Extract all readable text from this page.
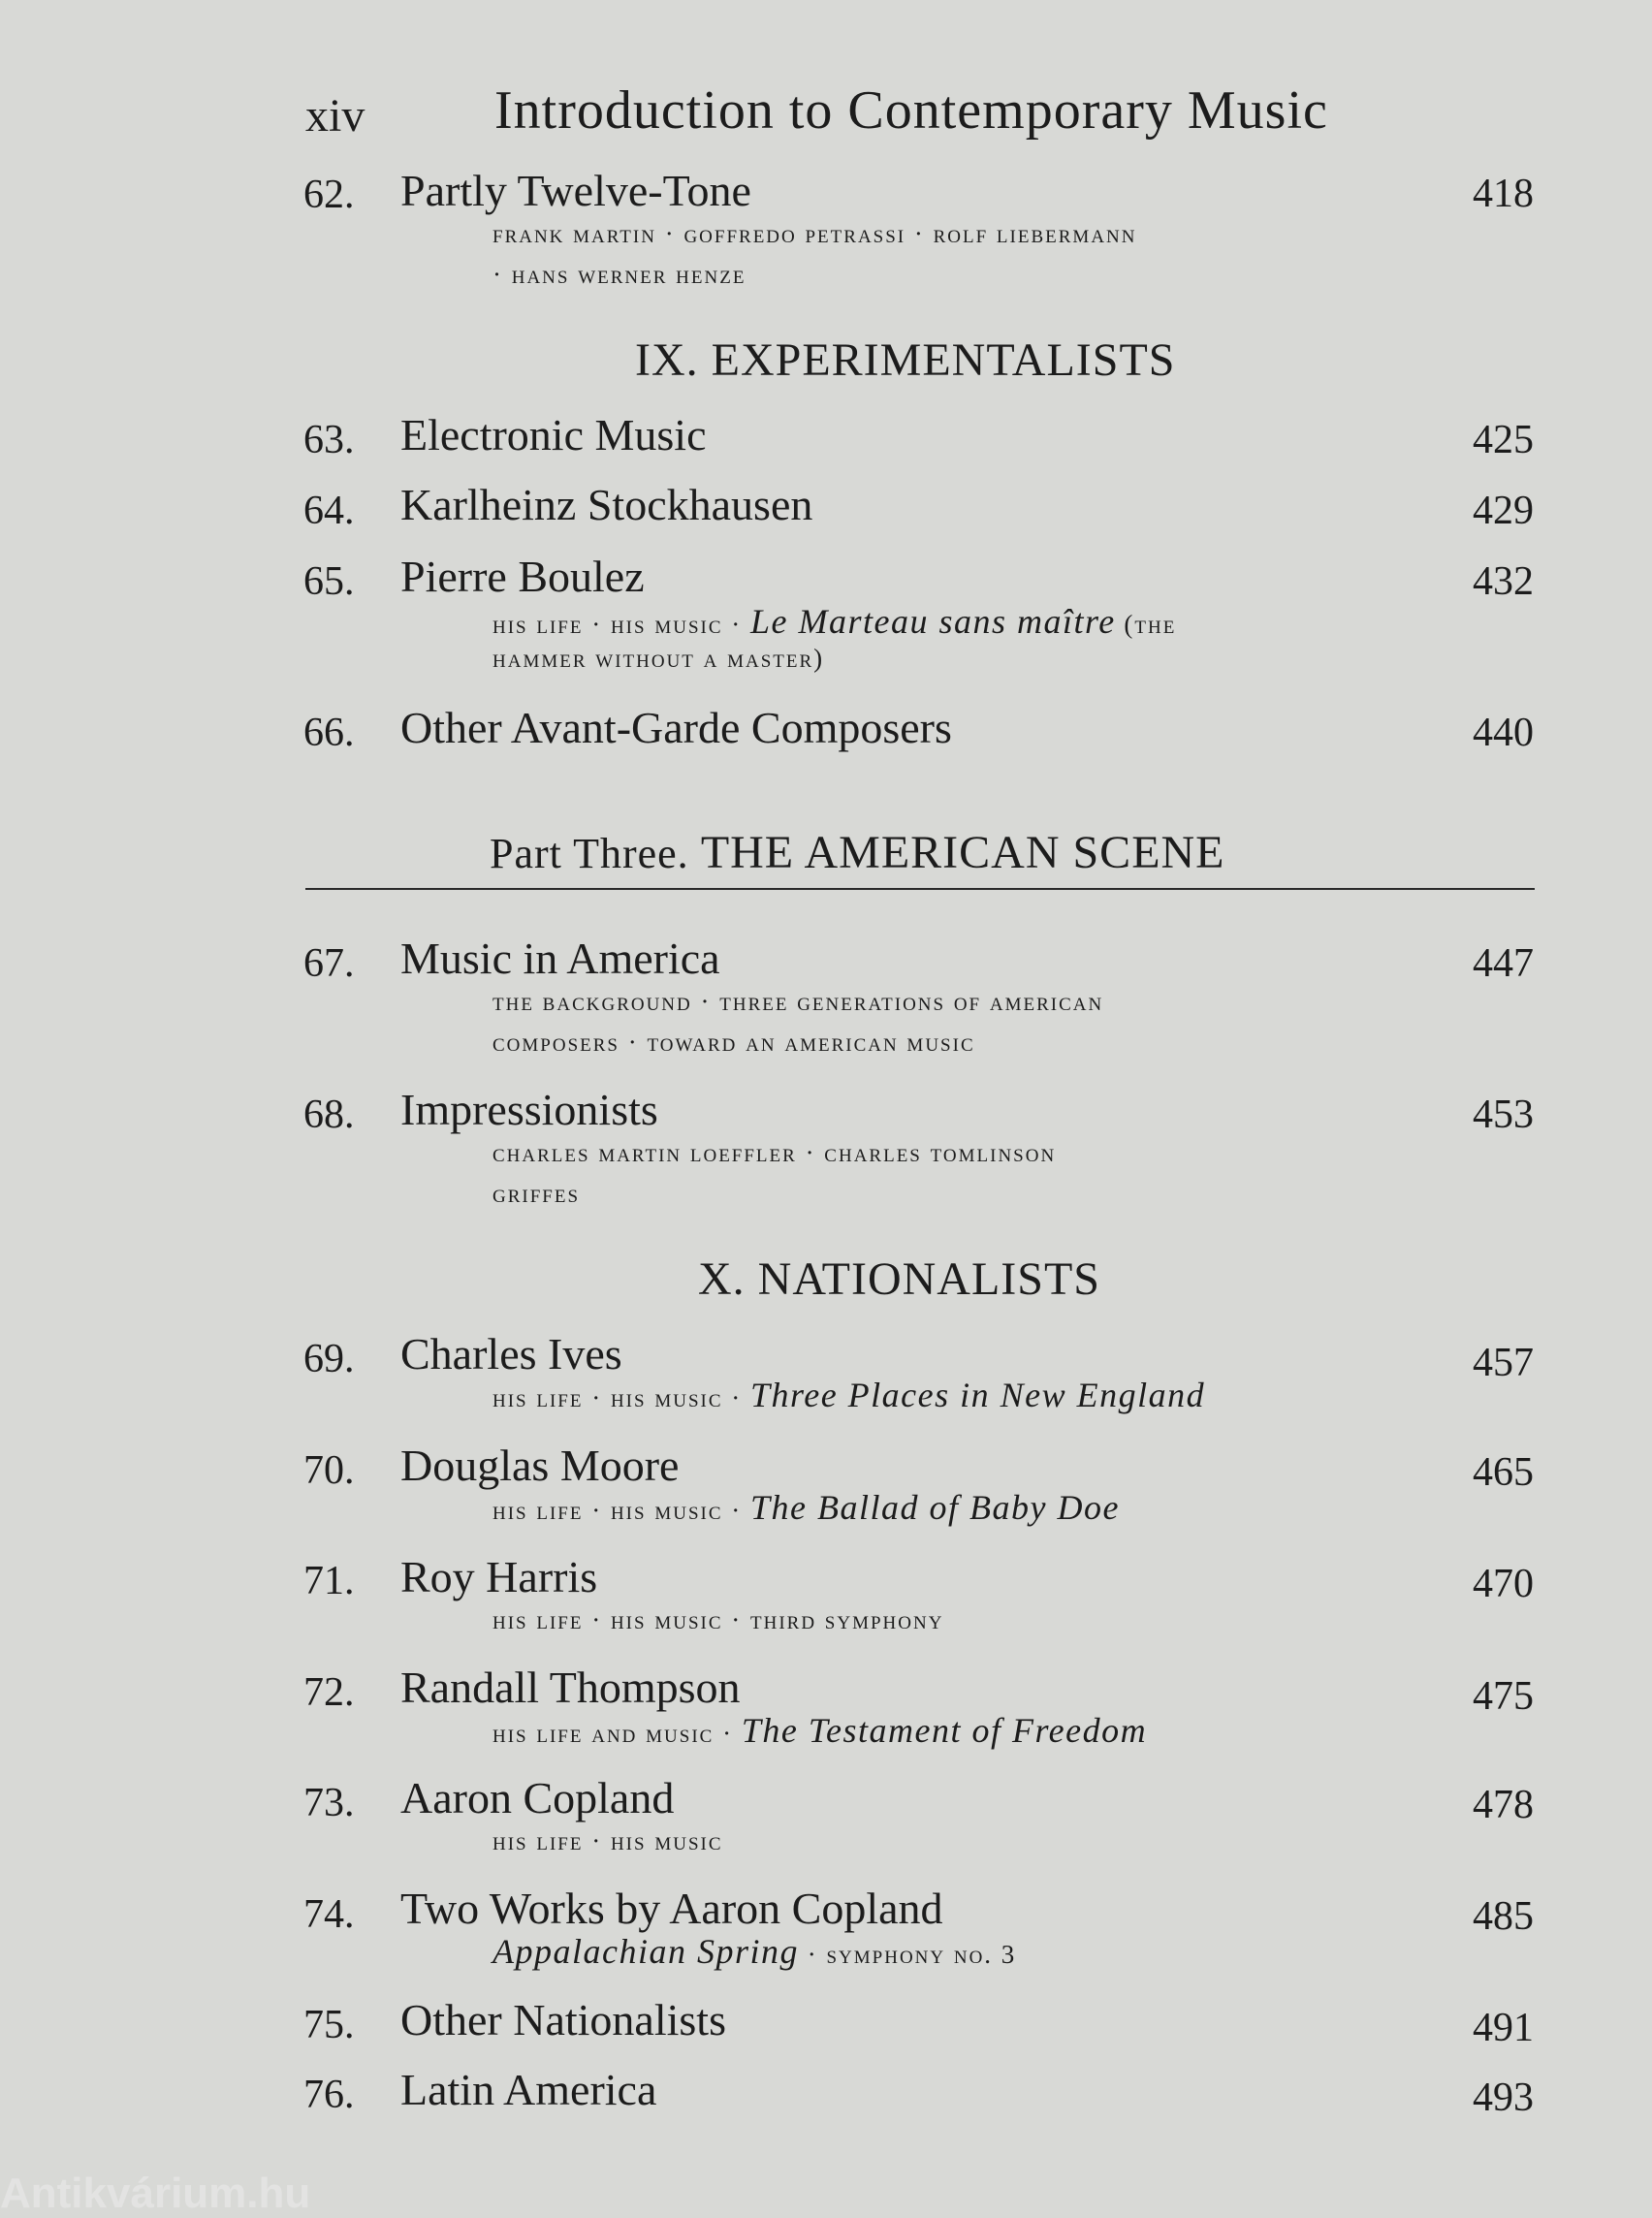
xiv Introduction to Contemporary Music
62. Partly Twelve-Tone	418
frank martin · goffredo petrassi · rolf liebermann
· hans werner henze
IX. EXPERIMENTALISTS
63. Electronic Music	425
64. Karlheinz Stockhausen	429
65. Pierre Boulez	432
his life · his music · Le Marteau sans maître (the
hammer without a master)
66. Other Avant-Garde Composers	440
Part Three. THE AMERICAN SCENE
67. Music in America	447
the background · three generations of american
composers · toward an american music
68. Impressionists	453
charles martin loeffler · charles tomlinson
griffes
X. NATIONALISTS
69. Charles Ives	457
his life · his music · Three Places in New England
70. Douglas Moore	465
his life · his music · The Ballad of Baby Doe
71. Roy Harris	470
his life · his music · third symphony
72. Randall Thompson	475
his life and music · The Testament of Freedom
73. Aaron Copland	478
his life · his music
74. Two Works by Aaron Copland	485
Appalachian Spring · symphony no. 3
75. Other Nationalists	491
76. Latin America	493
Antikvárium.hu
